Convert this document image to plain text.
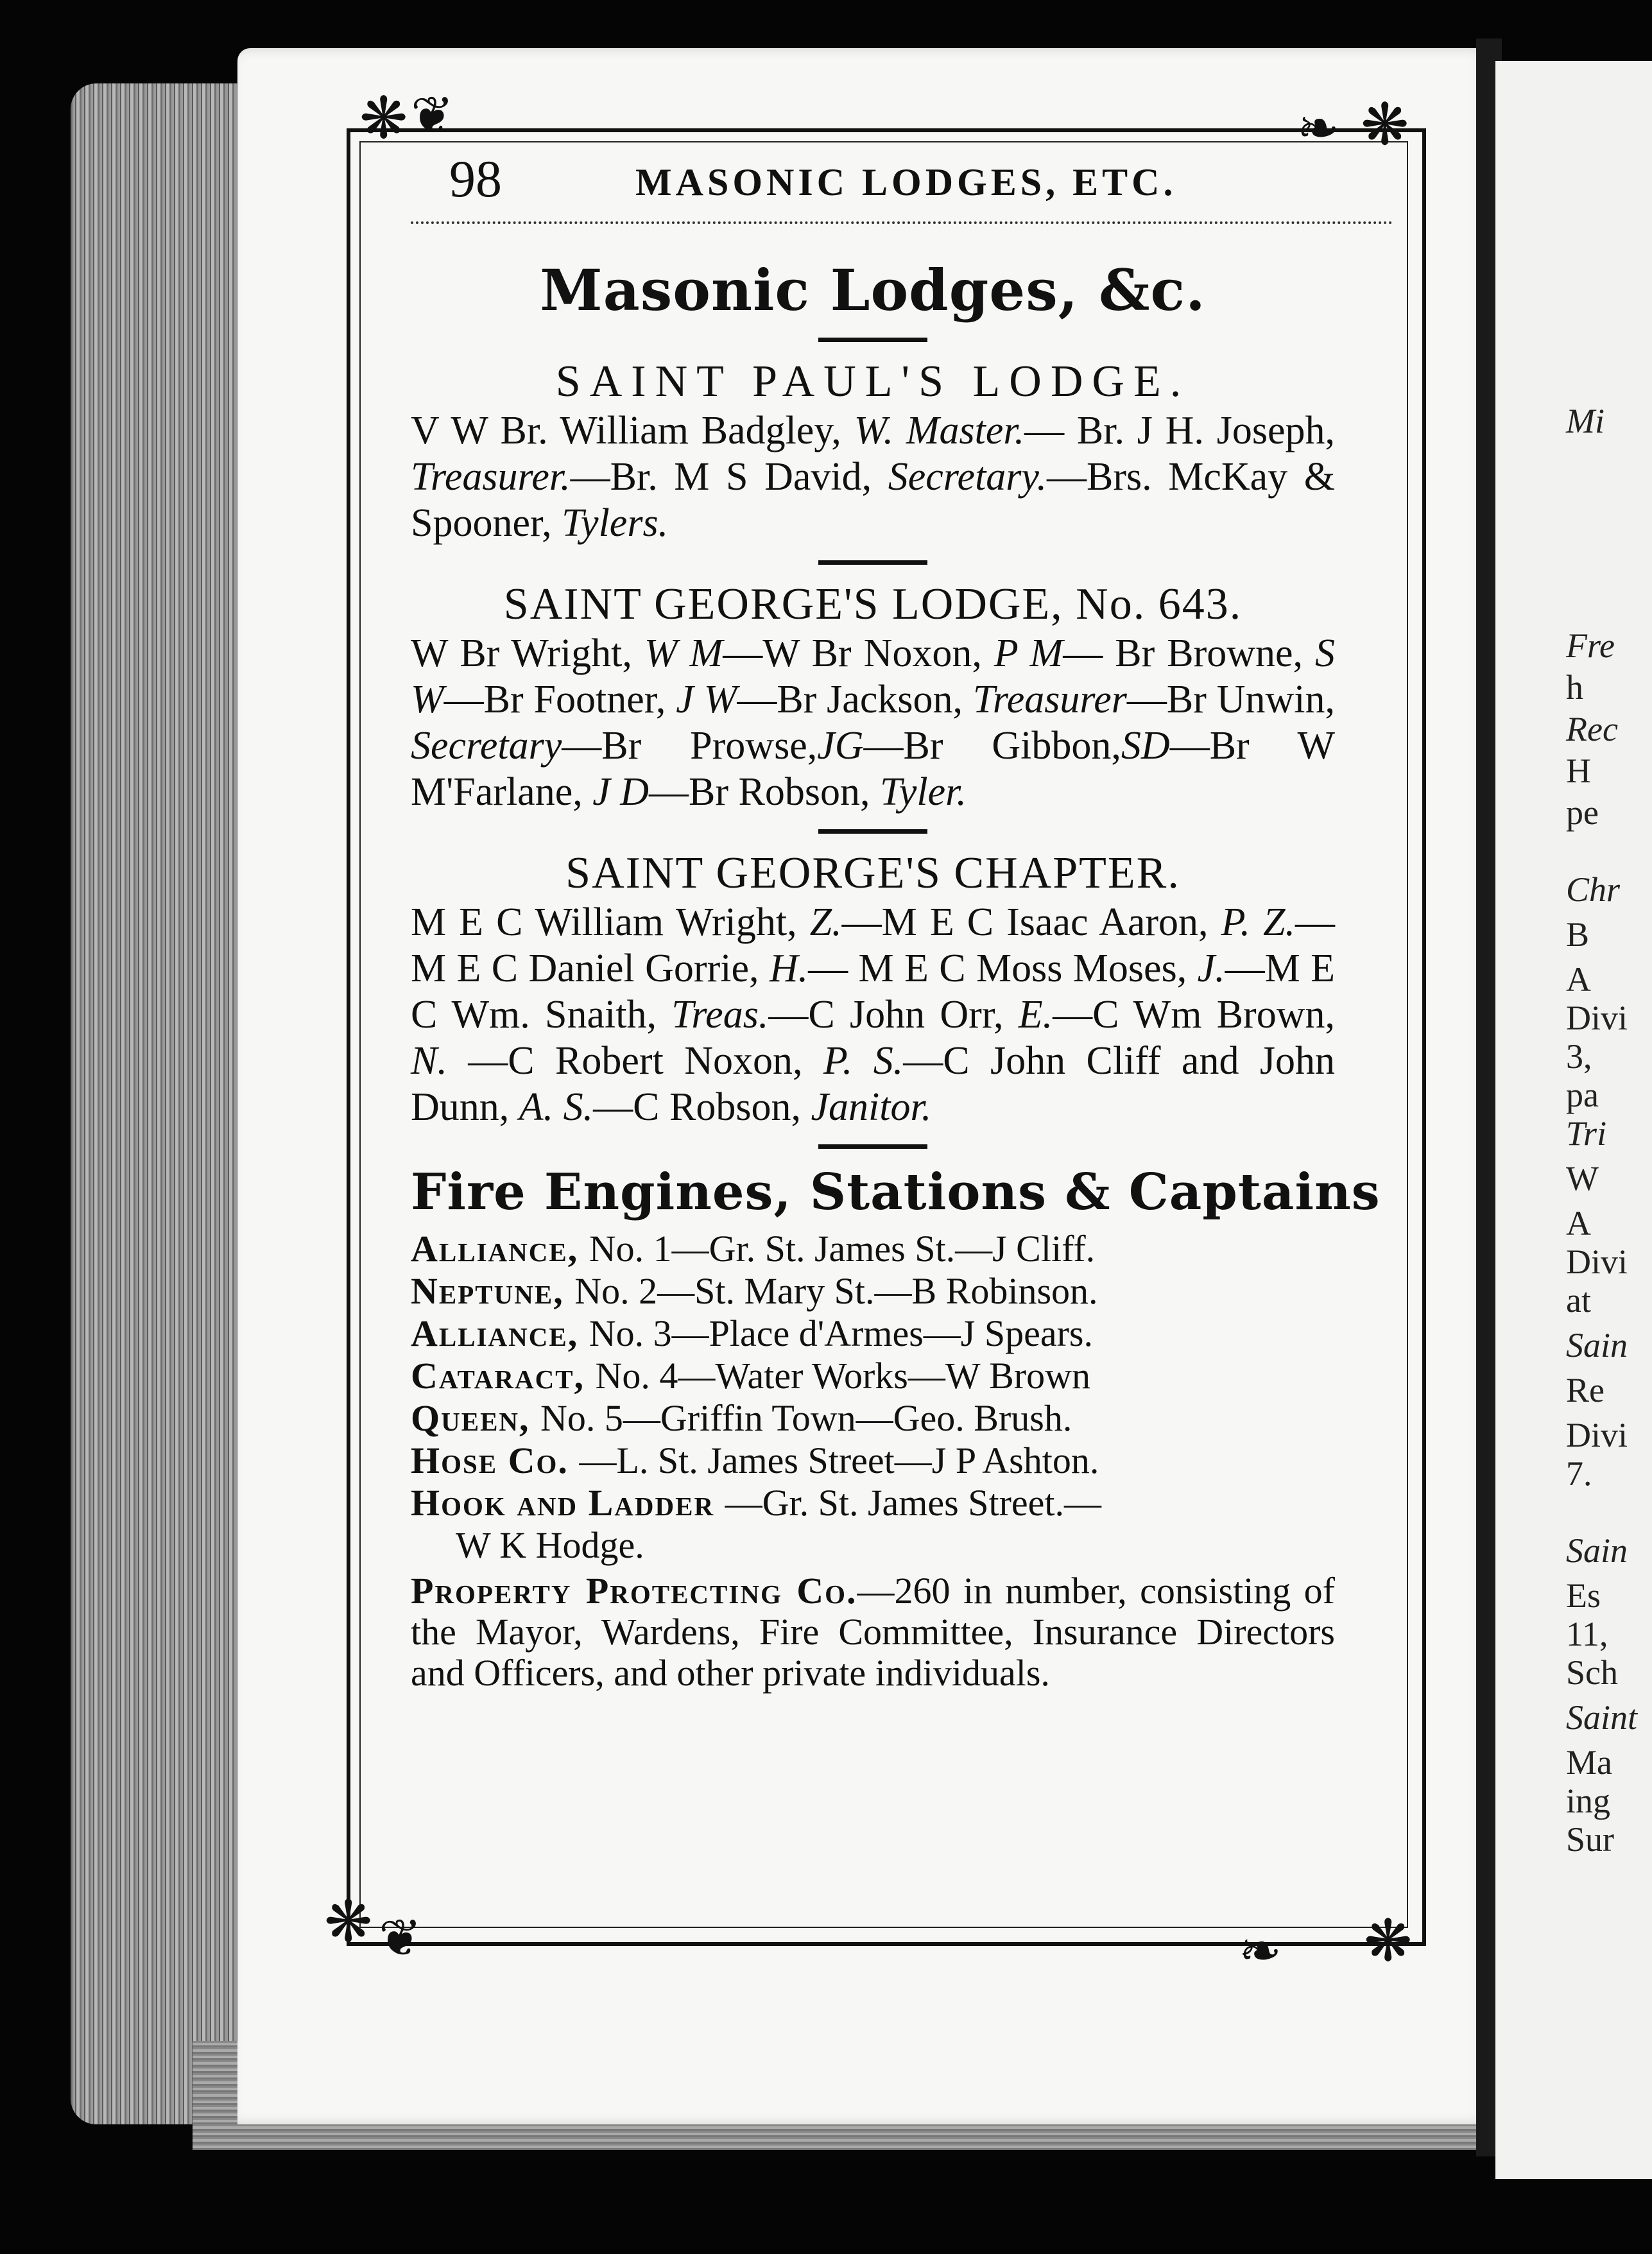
Mi
Fre
h
Rec
H
pe
Chr
B
A
Divi
3,
pa
Tri
W
A
Divi
at
Sain
Re
Divi
7.
Sain
Es
11,
Sch
Saint
Ma
ing
Sur
❋ ❦	❋
❧
❋ ❦	❋
❧
98	MASONIC LODGES, ETC.
Masonic Lodges, &c.

SAINT PAUL'S LODGE.

V W Br. William Badgley, W. Master.— Br. J H. Joseph, Treasurer.—Br. M S David, Secretary.—Brs. McKay & Spooner, Tylers.

SAINT GEORGE'S LODGE, No. 643.

W Br Wright, W M—W Br Noxon, P M— Br Browne, S W—Br Footner, J W—Br Jackson, Treasurer—Br Unwin, Secretary—Br Prowse,JG—Br Gibbon,SD—Br W M'Farlane, J D—Br Robson, Tyler.

SAINT GEORGE'S CHAPTER.

M E C William Wright, Z.—M E C Isaac Aaron, P. Z.—M E C Daniel Gorrie, H.— M E C Moss Moses, J.—M E C Wm. Snaith, Treas.—C John Orr, E.—C Wm Brown, N. —C Robert Noxon, P. S.—C John Cliff and John Dunn, A. S.—C Robson, Janitor.

Fire Engines, Stations & Captains

Alliance, No. 1—Gr. St. James St.—J Cliff.

Neptune, No. 2—St. Mary St.—B Robinson.

Alliance, No. 3—Place d'Armes—J Spears.

Cataract, No. 4—Water Works—W Brown

Queen, No. 5—Griffin Town—Geo. Brush.

Hose Co. —L. St. James Street—J P Ashton.

Hook and Ladder —Gr. St. James Street.—

W K Hodge.

Property Protecting Co.—260 in number, consisting of the Mayor, Wardens, Fire Committee, Insurance Directors and Officers, and other private individuals.
